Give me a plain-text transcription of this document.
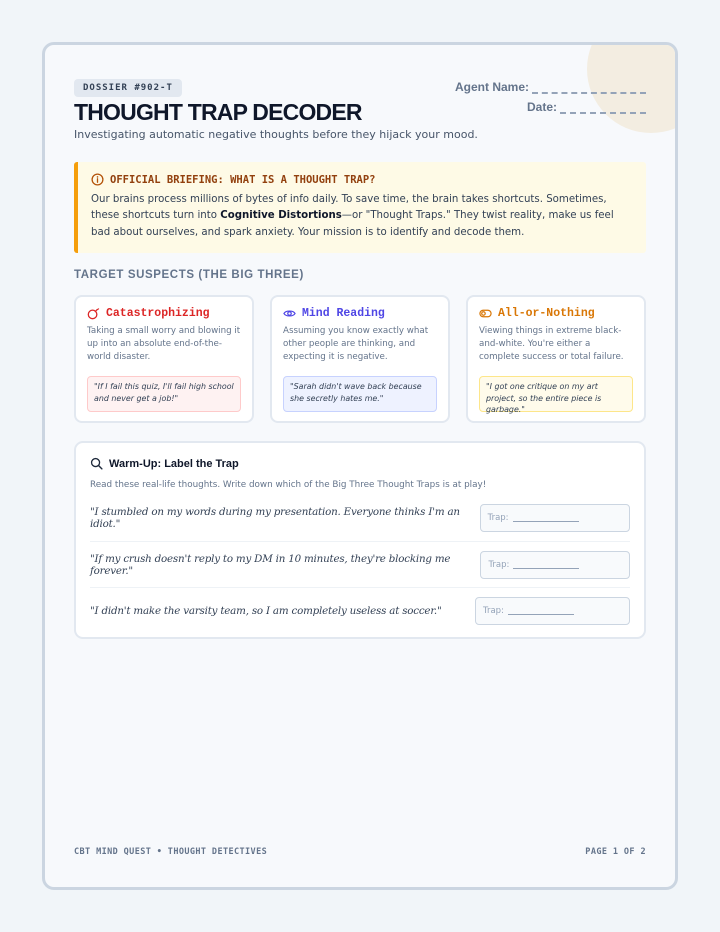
DOSSIER #902-T	Agent Name:
Date:
THOUGHT TRAP DECODER

Investigating automatic negative thoughts before they hijack your mood.

OFFICIAL BRIEFING: WHAT IS A THOUGHT TRAP?

Our brains process millions of bytes of info daily. To save time, the brain takes shortcuts. Sometimes, these shortcuts turn into Cognitive Distortions—or "Thought Traps." They twist reality, make us feel bad about ourselves, and spark anxiety. Your mission is to identify and decode them.

TARGET SUSPECTS (THE BIG THREE)
Catastrophizing

Taking a small worry and blowing it up into an absolute end-of-the-world disaster.

"If I fail this quiz, I'll fail high school and never get a job!"
Mind Reading

Assuming you know exactly what other people are thinking, and expecting it is negative.

"Sarah didn't wave back because she secretly hates me."
All-or-Nothing

Viewing things in extreme black-and-white. You're either a complete success or total failure.

"I got one critique on my art project, so the entire piece is garbage."
Warm-Up: Label the Trap

Read these real-life thoughts. Write down which of the Big Three Thought Traps is at play!

"I stumbled on my words during my presentation. Everyone thinks I'm an idiot."	Trap:
"If my crush doesn't reply to my DM in 10 minutes, they're blocking me forever."	Trap:
"I didn't make the varsity team, so I am completely useless at soccer."	Trap:
CBT MIND QUEST • THOUGHT DETECTIVES	PAGE 1 OF 2
